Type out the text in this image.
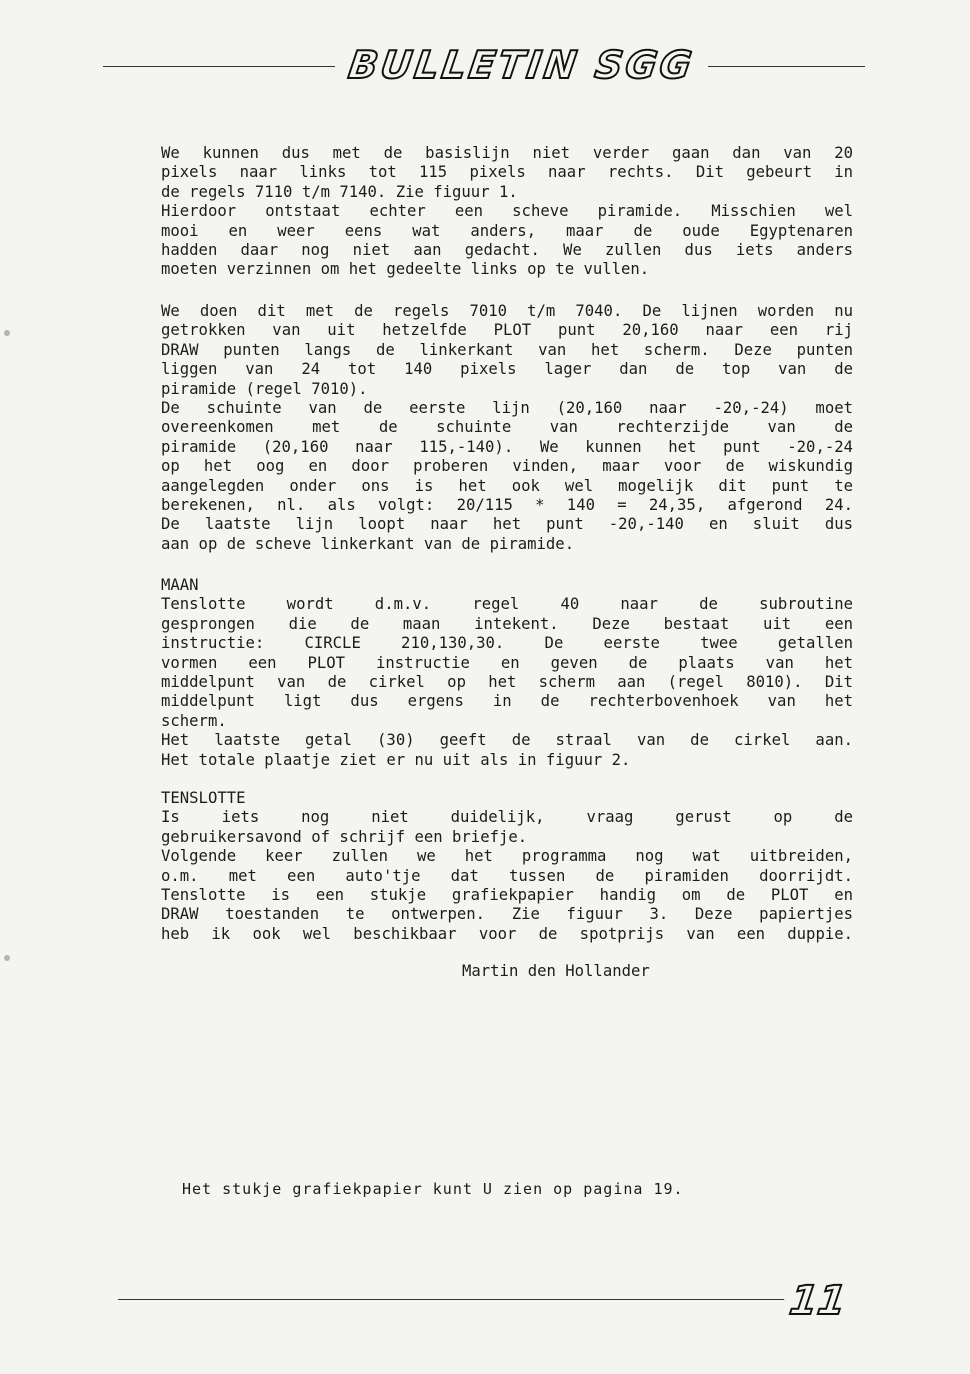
BULLETIN SGG
We kunnen dus met de basislijn niet verder gaan dan van 20
pixels naar links tot 115 pixels naar rechts. Dit gebeurt in
de regels 7110 t/m 7140. Zie figuur 1.
Hierdoor ontstaat echter een scheve piramide. Misschien wel
mooi en weer eens wat anders, maar de oude Egyptenaren
hadden daar nog niet aan gedacht. We zullen dus iets anders
moeten verzinnen om het gedeelte links op te vullen.
We doen dit met de regels 7010 t/m 7040. De lijnen worden nu
getrokken van uit hetzelfde PLOT punt 20,160 naar een rij
DRAW punten langs de linkerkant van het scherm. Deze punten
liggen van 24 tot 140 pixels lager dan de top van de
piramide (regel 7010).
De schuinte van de eerste lijn (20,160 naar -20,-24) moet
overeenkomen met de schuinte van rechterzijde van de
piramide (20,160 naar 115,-140). We kunnen het punt -20,-24
op het oog en door proberen vinden, maar voor de wiskundig
aangelegden onder ons is het ook wel mogelijk dit punt te
berekenen, nl. als volgt: 20/115 * 140 = 24,35, afgerond 24.
De laatste lijn loopt naar het punt -20,-140 en sluit dus
aan op de scheve linkerkant van de piramide.
MAAN
Tenslotte wordt d.m.v. regel 40 naar de subroutine
gesprongen die de maan intekent. Deze bestaat uit een
instructie: CIRCLE 210,130,30. De eerste twee getallen
vormen een PLOT instructie en geven de plaats van het
middelpunt van de cirkel op het scherm aan (regel 8010). Dit
middelpunt ligt dus ergens in de rechterbovenhoek van het
scherm.
Het laatste getal (30) geeft de straal van de cirkel aan.
Het totale plaatje ziet er nu uit als in figuur 2.
TENSLOTTE
Is iets nog niet duidelijk, vraag gerust op de
gebruikersavond of schrijf een briefje.
Volgende keer zullen we het programma nog wat uitbreiden,
o.m. met een auto'tje dat tussen de piramiden doorrijdt.
Tenslotte is een stukje grafiekpapier handig om de PLOT en
DRAW toestanden te ontwerpen. Zie figuur 3. Deze papiertjes
heb ik ook wel beschikbaar voor de spotprijs van een duppie.
Martin den Hollander
Het stukje grafiekpapier kunt U zien op pagina 19.
11
